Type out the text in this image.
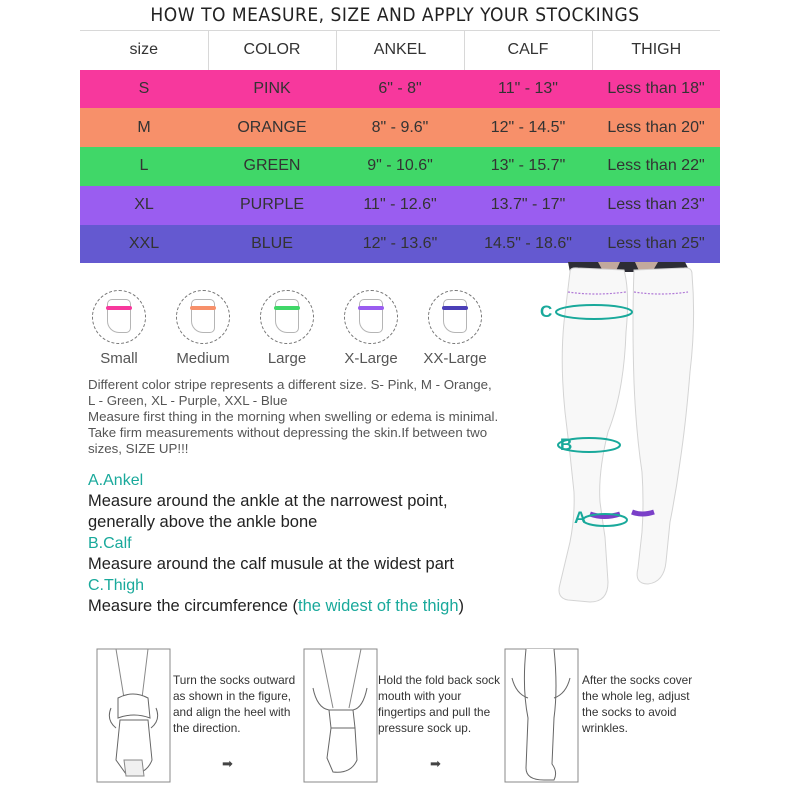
HOW TO MEASURE, SIZE AND APPLY YOUR STOCKINGS
size	COLOR	ANKEL	CALF	THIGH
S	PINK	6" - 8"	11" - 13"	Less than 18"
M	ORANGE	8" - 9.6"	12" - 14.5"	Less than 20"
L	GREEN	9" - 10.6"	13" - 15.7"	Less than 22"
XL	PURPLE	11" - 12.6"	13.7" - 17"	Less than 23"
XXL	BLUE	12" - 13.6"	14.5" - 18.6"	Less than 25"
Small	Medium	Large	X-Large	XX-Large
Different color stripe represents a different size. S- Pink, M - Orange,
L - Green, XL - Purple, XXL - Blue
Measure first thing in the morning when swelling or edema is minimal.
Take firm measurements without depressing the skin.If between two
sizes, SIZE UP!!!
A.Ankel
Measure around the ankle at the narrowest point,
generally above the ankle bone
B.Calf
Measure around the calf musule at the widest part
C.Thigh
Measure the circumference (the widest of the thigh)
C
B
A
Turn the socks outward as shown in the figure, and align the heel with the direction.
➡
Hold the fold back sock mouth with your fingertips and pull the pressure sock up.
➡
After the socks cover the whole leg, adjust the socks to avoid wrinkles.
